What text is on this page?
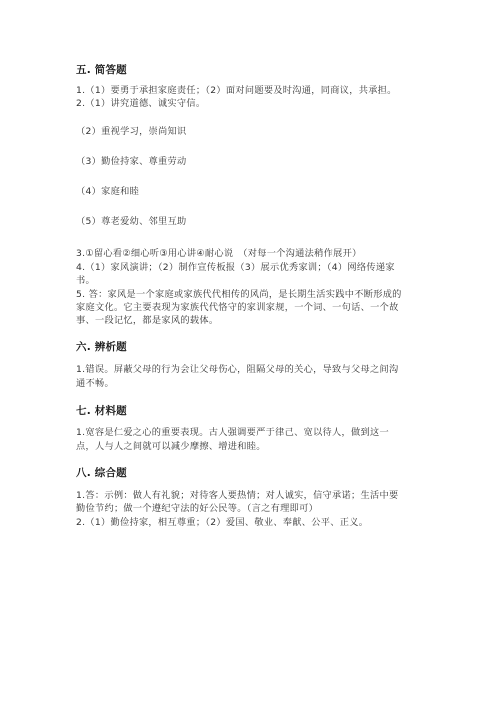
五. 简答题
1.（1）要勇于承担家庭责任；（2）面对问题要及时沟通，同商议，共承担。
2.（1）讲究道德、诚实守信。
（2）重视学习，崇尚知识
（3）勤俭持家、尊重劳动
（4）家庭和睦
（5）尊老爱幼、邻里互助
3.①留心看②细心听③用心讲④耐心说　（对每一个沟通法稍作展开）
4.（1）家风演讲；（2）制作宣传板报（3）展示优秀家训；（4）网络传递家
书。
5. 答：家风是一个家庭或家族代代相传的风尚，是长期生活实践中不断形成的
家庭文化。它主要表现为家族代代恪守的家训家规，一个词、一句话、一个故
事、一段记忆，都是家风的载体。
六. 辨析题
1.错误。屏蔽父母的行为会让父母伤心，阻隔父母的关心，导致与父母之间沟
通不畅。
七. 材料题
1.宽容是仁爱之心的重要表现。古人强调要严于律己、宽以待人，做到这一
点，人与人之间就可以减少摩擦、增进和睦。
八. 综合题
1.答：示例：做人有礼貌；对待客人要热情；对人诚实，信守承诺；生活中要
勤俭节约；做一个遵纪守法的好公民等。（言之有理即可）
2.（1）勤俭持家，相互尊重；（2）爱国、敬业、奉献、公平、正义。
